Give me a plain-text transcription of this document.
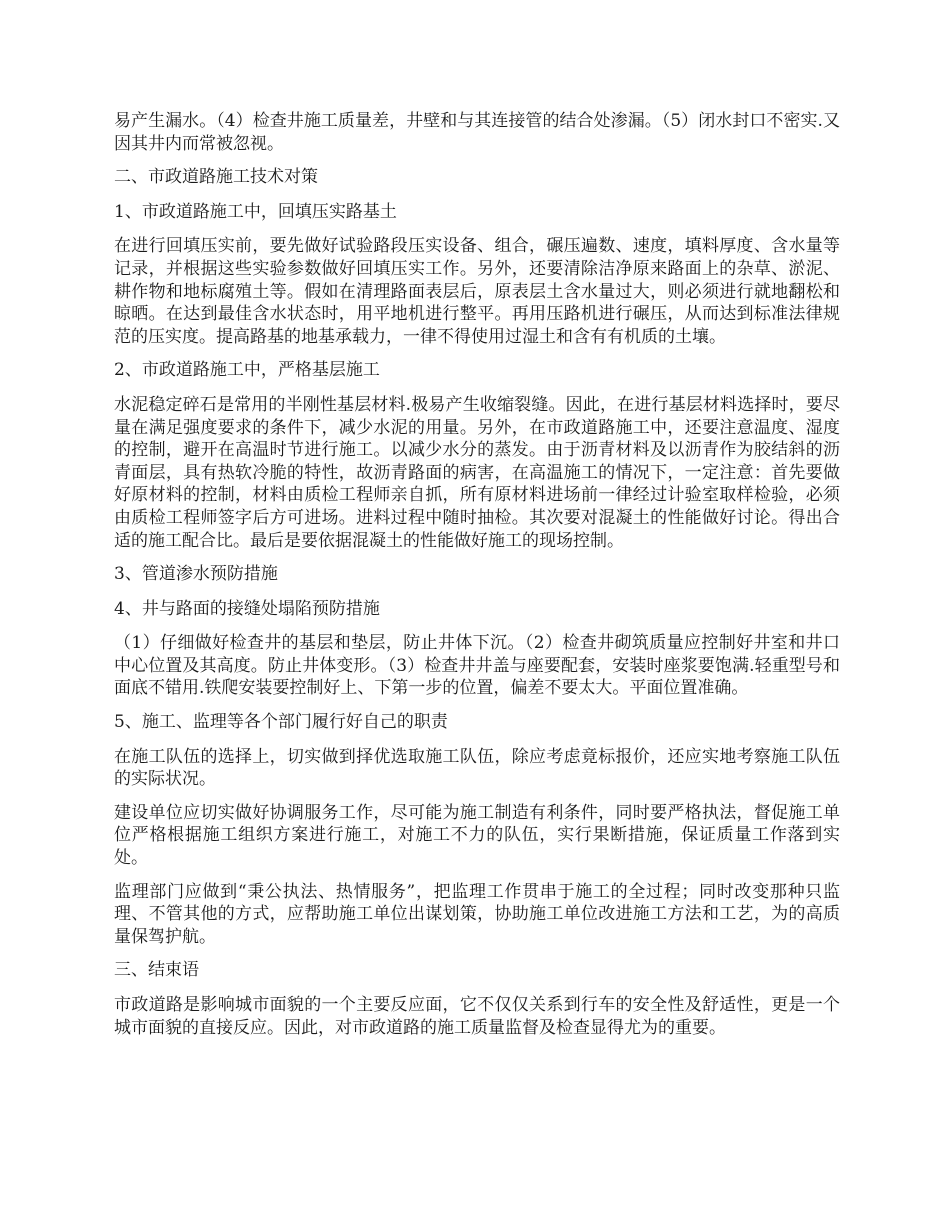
易产生漏水。（4）检查井施工质量差，井壁和与其连接管的结合处渗漏。（5）闭水封口不密实.又因其井内而常被忽视。

二、市政道路施工技术对策

1、市政道路施工中，回填压实路基土

在进行回填压实前，要先做好试验路段压实设备、组合，碾压遍数、速度，填料厚度、含水量等记录，并根据这些实验参数做好回填压实工作。另外，还要清除洁净原来路面上的杂草、淤泥、耕作物和地标腐殖土等。假如在清理路面表层后，原表层土含水量过大，则必须进行就地翻松和晾晒。在达到最佳含水状态时，用平地机进行整平。再用压路机进行碾压，从而达到标准法律规范的压实度。提高路基的地基承载力，一律不得使用过湿土和含有有机质的土壤。

2、市政道路施工中，严格基层施工

水泥稳定碎石是常用的半刚性基层材料.极易产生收缩裂缝。因此，在进行基层材料选择时，要尽量在满足强度要求的条件下，减少水泥的用量。另外，在市政道路施工中，还要注意温度、湿度的控制，避开在高温时节进行施工。以减少水分的蒸发。由于沥青材料及以沥青作为胶结斜的沥青面层，具有热软冷脆的特性，故沥青路面的病害，在高温施工的情况下，一定注意：首先要做好原材料的控制，材料由质检工程师亲自抓，所有原材料进场前一律经过计验室取样检验，必须由质检工程师签字后方可进场。进料过程中随时抽检。其次要对混凝土的性能做好讨论。得出合适的施工配合比。最后是要依据混凝土的性能做好施工的现场控制。

3、管道渗水预防措施

4、井与路面的接缝处塌陷预防措施

（1）仔细做好检查井的基层和垫层，防止井体下沉。（2）检查井砌筑质量应控制好井室和井口中心位置及其高度。防止井体变形。（3）检查井井盖与座要配套，安装时座浆要饱满.轻重型号和面底不错用.铁爬安装要控制好上、下第一步的位置，偏差不要太大。平面位置准确。

5、施工、监理等各个部门履行好自己的职责

在施工队伍的选择上，切实做到择优选取施工队伍，除应考虑竟标报价，还应实地考察施工队伍的实际状况。

建设单位应切实做好协调服务工作，尽可能为施工制造有利条件，同时要严格执法，督促施工单位严格根据施工组织方案进行施工，对施工不力的队伍，实行果断措施，保证质量工作落到实处。

监理部门应做到“秉公执法、热情服务”，把监理工作贯串于施工的全过程；同时改变那种只监理、不管其他的方式，应帮助施工单位出谋划策，协助施工单位改进施工方法和工艺，为的高质量保驾护航。

三、结束语

市政道路是影响城市面貌的一个主要反应面，它不仅仅关系到行车的安全性及舒适性，更是一个城市面貌的直接反应。因此，对市政道路的施工质量监督及检查显得尤为的重要。
